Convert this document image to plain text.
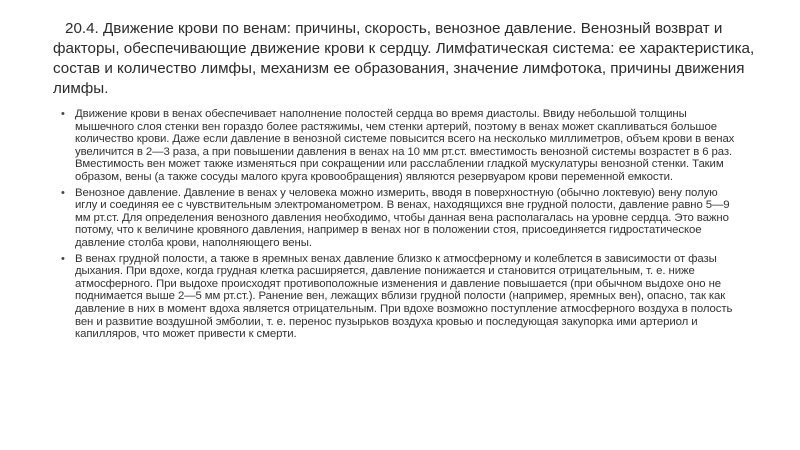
20.4. Движение крови по венам: причины, скорость, венозное давление. Венозный возврат и факторы, обеспечивающие движение крови к сердцу. Лимфатическая система: ее характеристика, состав и количество лимфы, механизм ее образования, значение лимфотока, причины движения лимфы.
• Движение крови в венах обеспечивает наполнение полостей сердца во время диастолы. Ввиду небольшой толщины мышечного слоя стенки вен гораздо более растяжимы, чем стенки артерий, поэтому в венах может скапливаться большое количество крови. Даже если давление в венозной системе повысится всего на несколько миллиметров, объем крови в венах увеличится в 2—3 раза, а при повышении давления в венах на 10 мм рт.ст. вместимость венозной системы возрастет в 6 раз. Вместимость вен может также изменяться при сокращении или расслаблении гладкой мускулатуры венозной стенки. Таким образом, вены (а также сосуды малого круга кровообращения) являются резервуаром крови переменной емкости.
• Венозное давление. Давление в венах у человека можно измерить, вводя в поверхностную (обычно локтевую) вену полую иглу и соединяя ее с чувствительным электроманометром. В венах, находящихся вне грудной полости, давление равно 5—9 мм рт.ст. Для определения венозного давления необходимо, чтобы данная вена располагалась на уровне сердца. Это важно потому, что к величине кровяного давления, например в венах ног в положении стоя, присоединяется гидростатическое давление столба крови, наполняющего вены.
• В венах грудной полости, а также в яремных венах давление близко к атмосферному и колеблется в зависимости от фазы дыхания. При вдохе, когда грудная клетка расширяется, давление понижается и становится отрицательным, т. е. ниже атмосферного. При выдохе происходят противоположные изменения и давление повышается (при обычном выдохе оно не поднимается выше 2—5 мм рт.ст.). Ранение вен, лежащих вблизи грудной полости (например, яремных вен), опасно, так как давление в них в момент вдоха является отрицательным. При вдохе возможно поступление атмосферного воздуха в полость вен и развитие воздушной эмболии, т. е. перенос пузырьков воздуха кровью и последующая закупорка ими артериол и капилляров, что может привести к смерти.
